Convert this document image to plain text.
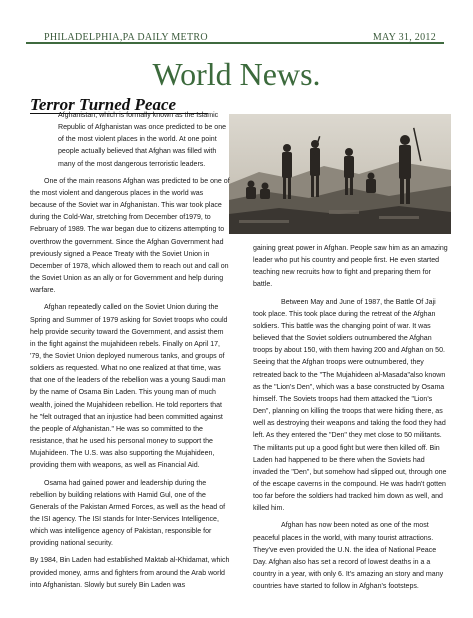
PHILADELPHIA,PA DAILY METRO	MAY 31, 2012
World News.
Terror Turned Peace

Afghanistan, which is formally known as the Islamic Republic of Afghanistan was once predicted to be one of the most violent places in the world. At one point people actually believed that Afghan was filled with many of the most dangerous terroristic leaders.

One of the main reasons Afghan was predicted to be one of the most violent and dangerous places in the world was because of the Soviet war in Afghanistan. This war took place during the Cold-War, stretching from December of1979, to February of 1989. The war began due to citizens attempting to overthrow the government. Since the Afghan Government had previously signed a Peace Treaty with the Soviet Union in December of 1978, which allowed them to reach out and call on the Soviet Union as an ally or for Government and help during warfare.

Afghan repeatedly called on the Soviet Union during the Spring and Summer of 1979 asking for Soviet troops who could help provide security toward the Government, and assist them in the fight against the mujahideen rebels. Finally on April 17, '79, the Soviet Union deployed numerous tanks, and groups of soldiers as requested. What no one realized at that time, was that one of the leaders of the rebellion was a young Saudi man by the name of Osama Bin Laden. This young man of much wealth, joined the Mujahideen rebellion. He told reporters that he "felt outraged that an injustice had been committed against the people of Afghanistan." He was so committed to the resistance, that he used his personal money to support the Mujahideen. The U.S. was also supporting the Mujahideen, providing them with weapons, as well as Financial Aid.

Osama had gained power and leadership during the rebellion by building relations with Hamid Gul, one of the Generals of the Pakistan Armed Forces, as well as the head of the ISI agency. The ISI stands for Inter-Services Intelligence, which was intelligence agency of Pakistan, responsible for providing national security.

By 1984, Bin Laden had established Maktab al-Khidamat, which provided money, arms and fighters from around the Arab world into Afghanistan. Slowly but surely Bin Laden was

gaining great power in Afghan. People saw him as an amazing leader who put his country and people first. He even started teaching new recruits how to fight and preparing them for battle.

Between May and June of 1987, the Battle Of Jaji took place. This took place during the retreat of the Afghan soldiers. This battle was the changing point of war. It was believed that the Soviet soldiers outnumbered the Afghan troops by about 150, with them having 200 and Afghan on 50. Seeing that the Afghan troops were outnumbered, they retreated back to the "The Mujahideen al-Masada"also known as the "Lion's Den", which was a base constructed by Osama himself. The Soviets troops had them attacked the "Lion's Den", planning on killing the troops that were hiding there, as well as destroying their weapons and taking the food they had left. As they entered the "Den" they met close to 50 militants. The militants put up a good fight but were then killed off. Bin Laden had happened to be there when the Soviets had invaded the "Den", but somehow had slipped out, through one of the escape caverns in the compound. He was hadn't gotten too far before the soldiers had tracked him down as well, and killed him.

Afghan has now been noted as one of the most peaceful places in the world, with many tourist attractions. They've even provided the U.N. the idea of National Peace Day. Afghan also has set a record of lowest deaths in a a country in a year, with only 6. It's amazing an story and many countries have started to follow in Afghan's footsteps.
